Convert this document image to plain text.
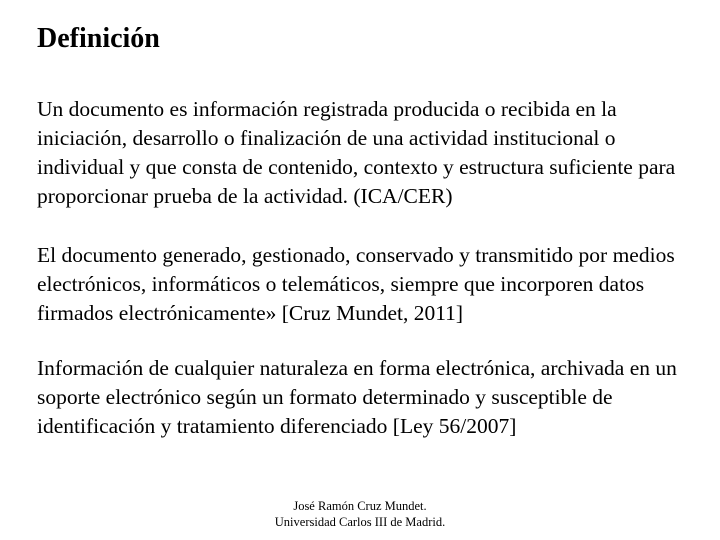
Definición

Un documento es información registrada producida o recibida en la iniciación, desarrollo o finalización de una actividad institucional o individual y que consta de contenido, contexto y estructura suficiente para proporcionar prueba de la actividad. (ICA/CER)

El documento generado, gestionado, conservado y transmitido por medios electrónicos, informáticos o telemáticos, siempre que incorporen datos firmados electrónicamente» [Cruz Mundet, 2011]

Información de cualquier naturaleza en forma electrónica, archivada en un soporte electrónico según un formato determinado y susceptible de identificación y tratamiento diferenciado [Ley 56/2007]

José Ramón Cruz Mundet.
Universidad Carlos III de Madrid.
